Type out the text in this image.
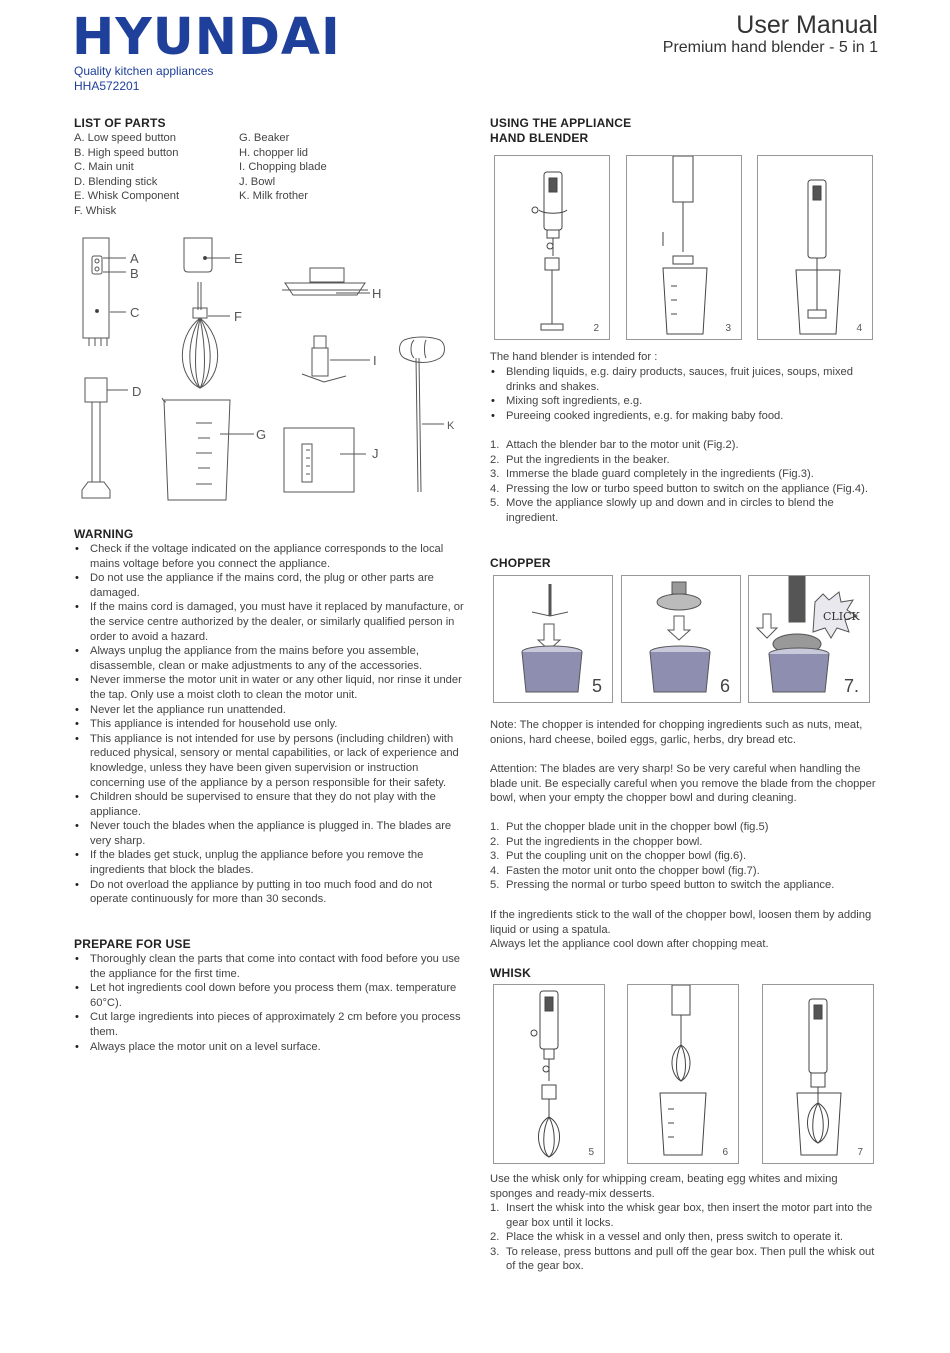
HYUNDAI
Quality kitchen appliances
HHA572201
User Manual
Premium hand blender - 5 in 1
LIST OF PARTS
A. Low speed button
B. High speed button
C. Main unit
D. Blending stick
E. Whisk Component
F. Whisk
G. Beaker
H. chopper lid
I. Chopping blade
J. Bowl
K. Milk frother
A
B
C
D
E
F
G
H
I
J
K
WARNING
• Check if the voltage indicated on the appliance corresponds to the local mains voltage before you connect the appliance.
• Do not use the appliance if the mains cord, the plug or other parts are damaged.
• If the mains cord is damaged, you must have it replaced by manufacture, or the service centre authorized by the dealer, or similarly qualified person in order to avoid a hazard.
• Always unplug the appliance from the mains before you assemble, disassemble, clean or make adjustments to any of the accessories.
• Never immerse the motor unit in water or any other liquid, nor rinse it under the tap. Only use a moist cloth to clean the motor unit.
• Never let the appliance run unattended.
• This appliance is intended for household use only.
• This appliance is not intended for use by persons (including children) with reduced physical, sensory or mental capabilities, or lack of experience and knowledge, unless they have been given supervision or instruction concerning use of the appliance by a person responsible for their safety.
• Children should be supervised to ensure that they do not play with the appliance.
• Never touch the blades when the appliance is plugged in. The blades are very sharp.
• If the blades get stuck, unplug the appliance before you remove the ingredients that block the blades.
• Do not overload the appliance by putting in too much food and do not operate continuously for more than 30 seconds.
PREPARE FOR USE
• Thoroughly clean the parts that come into contact with food before you use the appliance for the first time.
• Let hot ingredients cool down before you process them (max. temperature 60°C).
• Cut large ingredients into pieces of approximately 2 cm before you process them.
• Always place the motor unit on a level surface.
USING THE APPLIANCE
HAND BLENDER
2	3	4
The hand blender is intended for :
• Blending liquids, e.g. dairy products, sauces, fruit juices, soups, mixed drinks and shakes.
• Mixing soft ingredients, e.g.
• Pureeing cooked ingredients, e.g. for making baby food.
1. Attach the blender bar to the motor unit (Fig.2).
2. Put the ingredients in the beaker.
3. Immerse the blade guard completely in the ingredients (Fig.3).
4. Pressing the low or turbo speed button to switch on the appliance (Fig.4).
5. Move the appliance slowly up and down and in circles to blend the ingredient.
CHOPPER
5	6
CLICK
7.
Note: The chopper is intended for chopping ingredients such as nuts, meat, onions, hard cheese, boiled eggs, garlic, herbs, dry bread etc.
Attention: The blades are very sharp! So be very careful when handling the blade unit. Be especially careful when you remove the blade from the chopper bowl, when your empty the chopper bowl and during cleaning.
1. Put the chopper blade unit in the chopper bowl (fig.5)
2. Put the ingredients in the chopper bowl.
3. Put the coupling unit on the chopper bowl (fig.6).
4. Fasten the motor unit onto the chopper bowl (fig.7).
5. Pressing the normal or turbo speed button to switch the appliance.
If the ingredients stick to the wall of the chopper bowl, loosen them by adding liquid or using a spatula.
Always let the appliance cool down after chopping meat.
WHISK
5	6	7
Use the whisk only for whipping cream, beating egg whites and mixing sponges and ready-mix desserts.
1. Insert the whisk into the whisk gear box, then insert the motor part into the gear box until it locks.
2. Place the whisk in a vessel and only then, press switch to operate it.
3. To release, press buttons and pull off the gear box. Then pull the whisk out of the gear box.
